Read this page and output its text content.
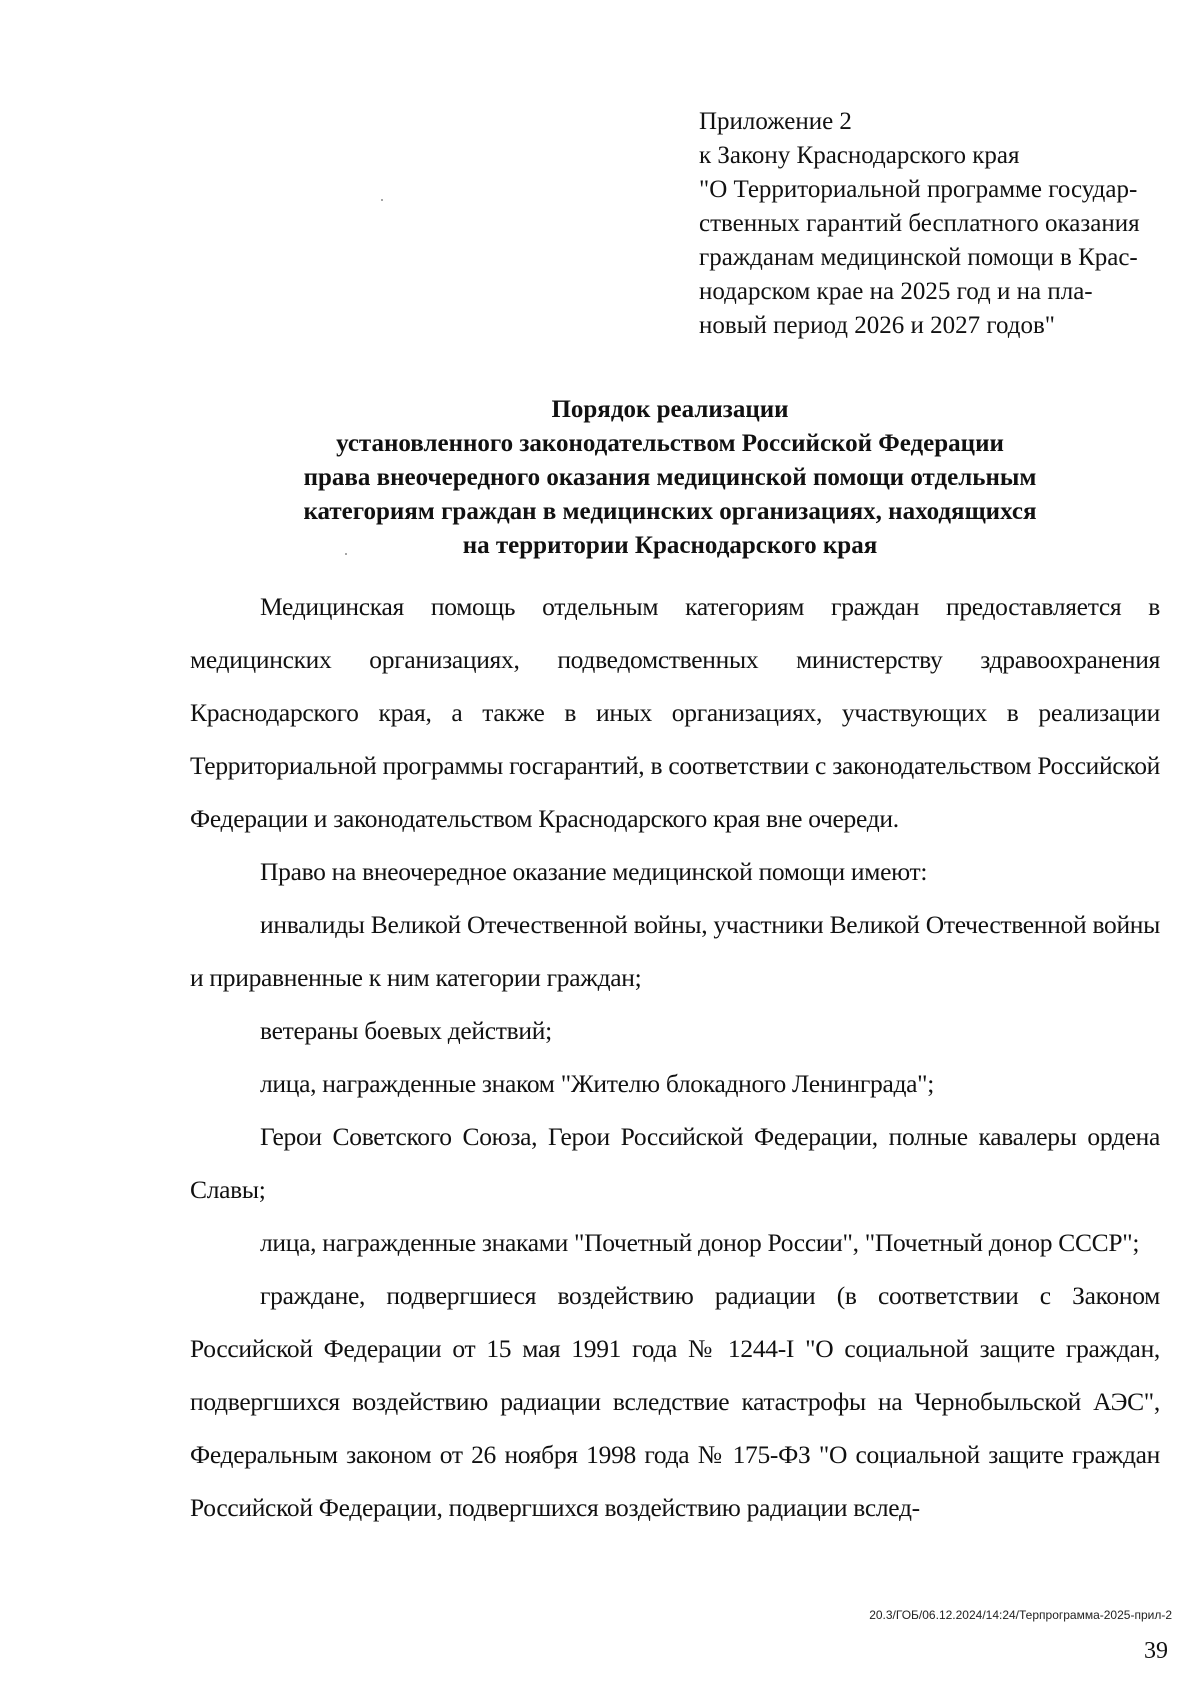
Приложение 2
к Закону Краснодарского края
"О Территориальной программе государ-
ственных гарантий бесплатного оказания
гражданам медицинской помощи в Крас-
нодарском крае на 2025 год и на пла-
новый период 2026 и 2027 годов"
Порядок реализации
установленного законодательством Российской Федерации
права внеочередного оказания медицинской помощи отдельным
категориям граждан в медицинских организациях, находящихся
на территории Краснодарского края

Медицинская помощь отдельным категориям граждан предоставляется в медицинских организациях, подведомственных министерству здравоохранения Краснодарского края, а также в иных организациях, участвующих в реализации Территориальной программы госгарантий, в соответствии с законодательством Российской Федерации и законодательством Краснодарского края вне очереди.

Право на внеочередное оказание медицинской помощи имеют:

инвалиды Великой Отечественной войны, участники Великой Отечественной войны и приравненные к ним категории граждан;

ветераны боевых действий;

лица, награжденные знаком "Жителю блокадного Ленинграда";

Герои Советского Союза, Герои Российской Федерации, полные кавалеры ордена Славы;

лица, награжденные знаками "Почетный донор России", "Почетный донор СССР";

граждане, подвергшиеся воздействию радиации (в соответствии с Законом Российской Федерации от 15 мая 1991 года № 1244-I "О социальной защите граждан, подвергшихся воздействию радиации вследствие катастрофы на Чернобыльской АЭС", Федеральным законом от 26 ноября 1998 года № 175-ФЗ "О социальной защите граждан Российской Федерации, подвергшихся воздействию радиации вслед-

20.3/ГОБ/06.12.2024/14:24/Терпрограмма-2025-прил-2
39
